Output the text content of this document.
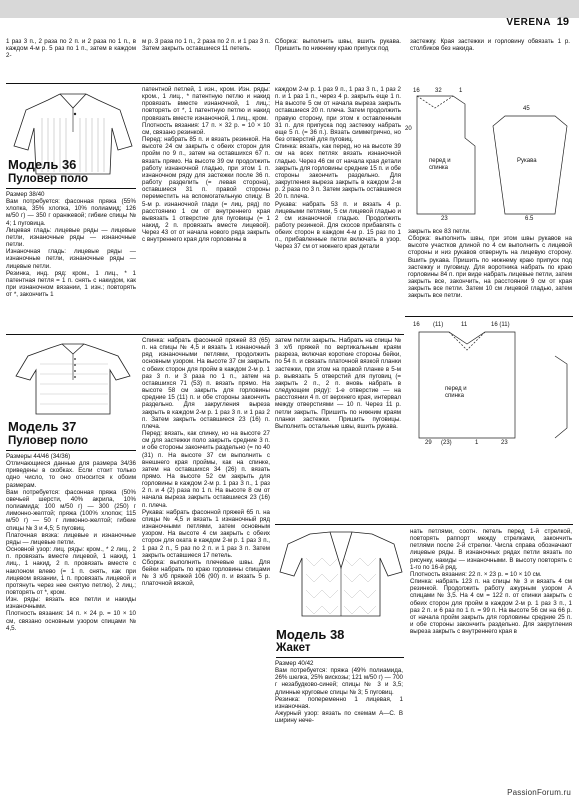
VERENA 19
1 раз 3 п., 2 раза по 2 п. и 2 раза по 1 п., в каждом 4-м р. 5 раз по 1 п., затем в каждом 2-
м р. 3 раза по 1 п., 2 раза по 2 п. и 1 раз 3 п. Затем закрыть оставшиеся 11 петель.
Сборка: выполнить швы, вшить рукава. Пришить по нижнему краю припуск под
застежку. Края застежки и горловину обвязать 1 р. столбиков без накида.
Модель 36
Пуловер поло
Размер 38/40
Вам потребуется: фасонная пряжа (55% хлопка, 35% хлопка, 10% полиамид; 126 м/50 г) — 350 г оранжевой; гибкие спицы № 4; 1 пуговица.
Лицевая гладь: лицевые ряды — лицевые петли, изнаночные ряды — изнаночные петли.
Изнаночная гладь: лицевые ряды — изнаночные петли, изнаночные ряды — лицевые петли.
Резинка, инд. ряд: кром., 1 лиц., * 1 патентная петля = 1 п. снять с накидом, как при изнаночном вязании, 1 изн.; повторять от *, закончить 1
патентной петлей, 1 изн., кром. Изн. ряды: кром., 1 лиц., * патентную петлю и накид провязать вместе изнаночной, 1 лиц.; повторять от *, 1 патентную петлю и накид провязать вместе изнаночной, 1 лиц., кром.
Плотность вязания: 17 п. × 32 р. = 10 × 10 см, связано резинкой.
Перед: набрать 85 п. и вязать резинкой. На высоте 24 см закрыть с обеих сторон для пройм по 9 п., затем на оставшихся 67 п. вязать прямо. На высоте 39 см продолжить работу изнаночной гладью, при этом 1 п. изнаночном ряду для застежки после 36 п. работу разделить (= левая сторона), оставшиеся 31 п. правой стороны переместить на вспомогательную спицу. В 5-м р. изнаночной глади (= лиц. ряд) по расстоянию 1 см от внутреннего края вывязать 1 отверстие для пуговицы (= 1 накид, 2 п. провязать вместе лицевой). Через 43 от от начала нового ряда закрыть с внутреннего края для горловины в
каждом 2-м р. 1 раз 9 п., 1 раз 3 п., 1 раз 2 п. и 1 раз 1 п., через 4 р. закрыть еще 1 п. На высоте 5 см от начала выреза закрыть оставшиеся 20 п. плеча. Затем продолжить правую сторону, при этом к оставленным 31 п. для припуска под застежку набрать еще 5 п. (= 36 п.). Вязать симметрично, но без отверстий для пуговиц.
Спинка: вязать, как перед, но на высоте 39 см на всех петлях вязать изнаночной гладью. Через 46 см от начала края детали закрыть для горловины средние 15 п. и обе стороны закончить раздельно. Для закругления выреза закрыть в каждом 2-м р. 2 раза по 3 п. Затем закрыть оставшиеся 20 п. плеча.
Рукава: набрать 53 п. и вязать 4 р. лицевыми петлями, 5 см лицевой гладью и 2 см изнаночной гладью. Продолжить работу резинкой. Для скосов прибавлять с обеих сторон в каждом 4-м р. 15 раз по 1 п., прибавленные петли включать в узор. Через 37 см от нижнего края детали
16	32	1
45
20
перед и спинка
Рукава
23	6.5
закрыть все 83 петли.
Сборка: выполнить швы, при этом швы рукавов на высоте участков длиной по 4 см выполнить с лицевой стороны и низ рукавов отвернуть на лицевую сторону. Вшить рукава. Пришить по нижнему краю припуск под застежку и пуговицу. Для воротника набрать по краю горловины 84 п. при виде набрать лицевые петли, затем закрыть все, закончить, на расстоянии 9 см от края закрыть все петли. Затем 10 см лицевой гладью, затем закрыть все петли.
Модель 37
Пуловер поло
Размеры 44/46 (34/36)
Отличающиеся данные для размера 34/36 приведены в скобках. Если стоит только одно число, то оно относится к обоим размерам.
Вам потребуется: фасонная пряжа (50% овечьей шерсти, 40% акрила, 10% полиамида; 100 м/50 г) — 300 (250) г лимонно-желтой; пряжа (100% хлопок; 115 м/50 г) — 50 г лимонно-желтой; гибкие спицы № 3 и 4,5; 5 пуговиц.
Платочная вязка: лицевые и изнаночные ряды — лицевые петли.
Основной узор: лиц. ряды: кром., * 2 лиц., 2 п. провязать вместе лицевой, 1 накид, 1 лиц., 1 накид, 2 п. провязать вместе с наклоном влево (= 1 п. снять, как при лицевом вязании, 1 п. провязать лицевой и протянуть через нее снятую петлю), 2 лиц.; повторять от *, кром.
Изн. ряды: вязать все петли и накиды изнаночными.
Плотность вязания: 14 п. × 24 р. = 10 × 10 см, связано основным узором спицами № 4,5.
Спинка: набрать фасонной пряжей 83 (65) п. на спицы № 4,5 и вязать 1 изнаночный ряд изнаночными петлями, продолжить основным узором. На высоте 37 см закрыть с обеих сторон для пройм в каждом 2-м р. 1 раз 3 п. и 3 раза по 1 п., затем на оставшихся 71 (53) п. вязать прямо. На высоте 58 см закрыть для горловины средние 15 (11) п. и обе стороны закончить раздельно. Для закругления выреза закрыть в каждом 2-м р. 1 раз 3 п. и 1 раз 2 п. Затем закрыть оставшиеся 23 (16) п. плеча.
Перед: вязать, как спинку, но на высоте 27 см для застежки поло закрыть средние 3 п. и обе стороны закончить раздельно (= по 40 (31) п. На высоте 37 см выполнить с внешнего края проймы, как на спинке, затем на оставшихся 34 (26) п. вязать прямо. На высоте 52 см закрыть для горловины в каждом 2-м р. 1 раз 3 п., 1 раз 2 п. и 4 (2) раза по 1 п. На высоте 8 см от начала выреза закрыть оставшиеся 23 (16) п. плеча.
Рукава: набрать фасонной пряжей 65 п. на спицы № 4,5 и вязать 1 изнаночный ряд изнаночными петлями, затем основным узором. На высоте 4 см закрыть с обеих сторон для оката в каждом 2-м р. 1 раз 3 п., 1 раз 2 п., 5 раз по 2 п. и 1 раз 3 п. Затем закрыть оставшиеся 17 петель.
Сборка: выполнить плечевые швы. Для бейки набрать по краю горловины спицами № 3 х/б пряжей 106 (90) п. и вязать 5 р. платочной вязкой,
затем петли закрыть. Набрать на спицы № 3 х/б пряжей по вертикальным краям разреза, включая короткие стороны бейки, по 54 п. и связать платочной вязкой планки застежки, при этом на правой планке в 5-м р. вывязать 5 отверстий для пуговиц (= закрыть 2 п., 2 п. вновь набрать в следующем ряду): 1-е отверстие — на расстоянии 4 п. от верхнего края, интервал между отверстиями — 10 п. Через 11 р. петли закрыть. Пришить по нижним краям планки застежки. Пришить пуговицы. Выполнить остальные швы, вшить рукава.
16 (11)	11	16 (11)
перед и спинка
29 (23)	1	23
Модель 38
Жакет
Размер 40/42
Вам потребуется: пряжа (49% полиамида, 26% шелка, 25% вискозы; 121 м/50 г) — 700 г незабудково-синей; спицы № 3 и 3,5; длинные круговые спицы № 3; 5 пуговиц.
Резинка: попеременно 1 лицевая, 1 изнаночная.
Ажурный узор: вязать по схемам А—С. В ширину нече-
нать петлями, соотн. петель перед 1-й стрелкой, повторять раппорт между стрелками, закончить петлями после 2-й стрелки. Числа справа обозначают лицевые ряды. В изнаночных рядах петли вязать по рисунку, накиды — изнаночными. В высоту повторять с 1-го по 16-й ряд.
Плотность вязания: 22 п. × 23 р. = 10 × 10 см.
Спинка: набрать 123 п. на спицы № 3 и вязать 4 см резинкой. Продолжить работу ажурным узором А спицами № 3,5. На 4 см = 122 п. от спинки закрыть с обеих сторон для пройм в каждом 2-м р. 1 раз 3 п., 1 раз 2 п. и 6 раз по 1 п. = 99 п. На высоте 56 см на 66 р. от начала пройм закрыть для горловины средние 25 п. и обе стороны закончить раздельно. Для закругления выреза закрыть с внутреннего края в
PassionForum.ru
